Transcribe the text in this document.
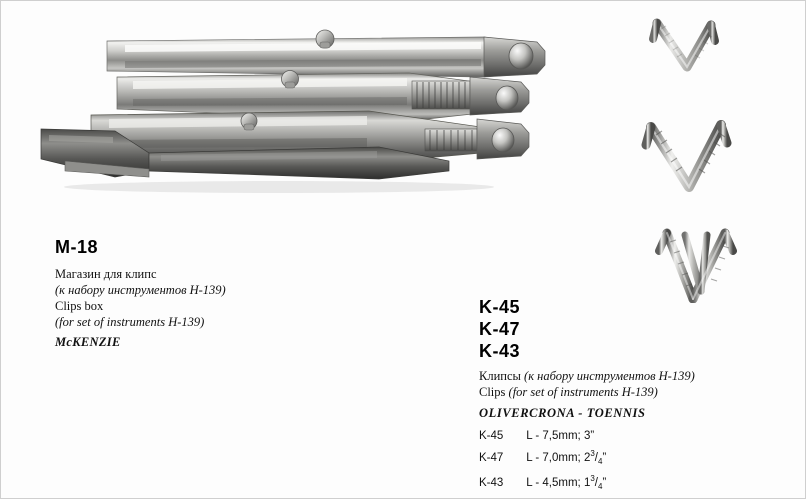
M-18
Магазин для клипс
(к набору инструментов Н-139)
Clips box
(for set of instruments H-139)
McKENZIE
K-45
K-47
K-43
Клипсы (к набору инструментов Н-139)
Clips (for set of instruments H-139)
OLIVERCRONA - TOENNIS
K-45 L - 7,5mm; 3”
K-47 L - 7,0mm; $2^3/_4$”
K-43 L - 4,5mm; $1^3/_4$”
